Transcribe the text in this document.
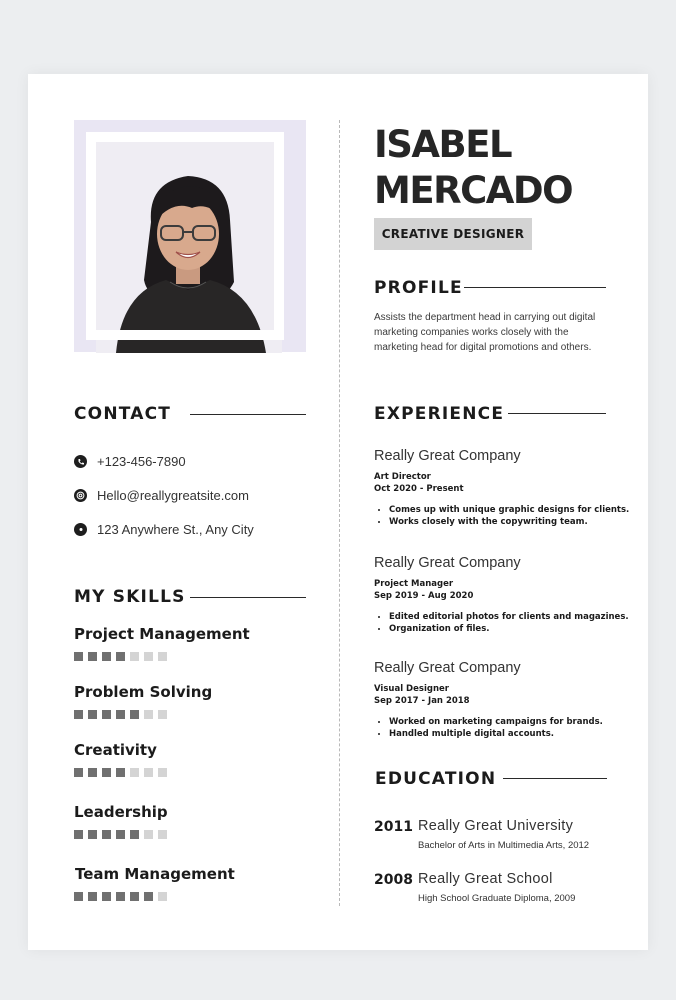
CONTACT
+123-456-7890
Hello@reallygreatsite.com
123 Anywhere St., Any City
MY SKILLS
Project Management
Problem Solving
Creativity
Leadership
Team Management
ISABEL
MERCADO
CREATIVE DESIGNER
PROFILE
Assists the department head in carrying out digital marketing companies works closely with the marketing head for digital promotions and others.
EXPERIENCE
Really Great Company
Art Director
Oct 2020 - Present
• Comes up with unique graphic designs for clients.
• Works closely with the copywriting team.
Really Great Company
Project Manager
Sep 2019 - Aug 2020
• Edited editorial photos for clients and magazines.
• Organization of files.
Really Great Company
Visual Designer
Sep 2017 - Jan 2018
• Worked on marketing campaigns for brands.
• Handled multiple digital accounts.
EDUCATION
2011 Really Great University
Bachelor of Arts in Multimedia Arts, 2012
2008 Really Great School
High School Graduate Diploma, 2009
